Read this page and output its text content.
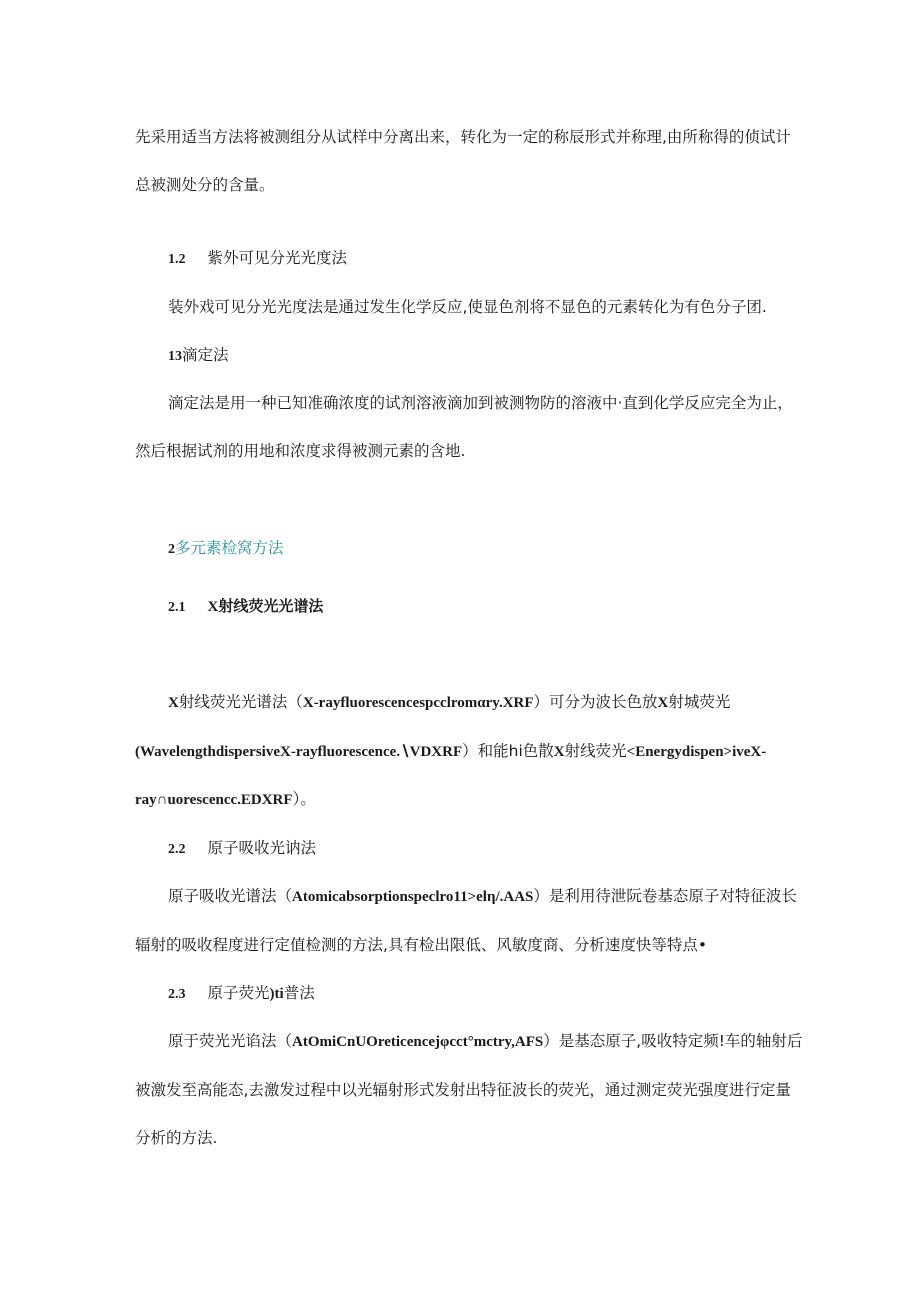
先采用适当方法将被测组分从试样中分离出来，转化为一定的称辰形式并称理,由所称得的侦试计
总被测处分的含量。
1.2 紫外可见分光光度法
装外戏可见分光光度法是通过发生化学反应,使显色剂将不显色的元素转化为有色分子团.
13滴定法
滴定法是用一种已知准确浓度的试剂溶液滴加到被测物防的溶液中·直到化学反应完全为止，
然后根据试剂的用地和浓度求得被测元素的含地.
2多元素检窝方法
2.1 X射线荧光光谱法
X射线荧光光谱法（X-rayfluorescencespcclromαry.XRF）可分为波长色放X射城荧光
(WavelengthdispersiveX-rayfluorescence.∖VDXRF）和能hi色散X射线荧光<Energydispen>iveX-
ray∩uorescencc.EDXRF）。
2.2 原子吸收光讷法
原子吸收光谱法（Atomicabsorptionspeclro11>elη/.AAS）是利用待泄阮卷基态原子对特征波长
辐射的吸收程度进行定值检测的方法,具有检出限低、风敏度商、分析速度快等特点•
2.3 原子荧光)ti普法
原于荧光光谄法（AtOmiCnUOreticencejφcct°mctry,AFS）是基态原子,吸收特定频!车的轴射后
被激发至高能态,去激发过程中以光辐射形式发射出特征波长的荧光，通过测定荧光强度进行定量
分析的方法.
